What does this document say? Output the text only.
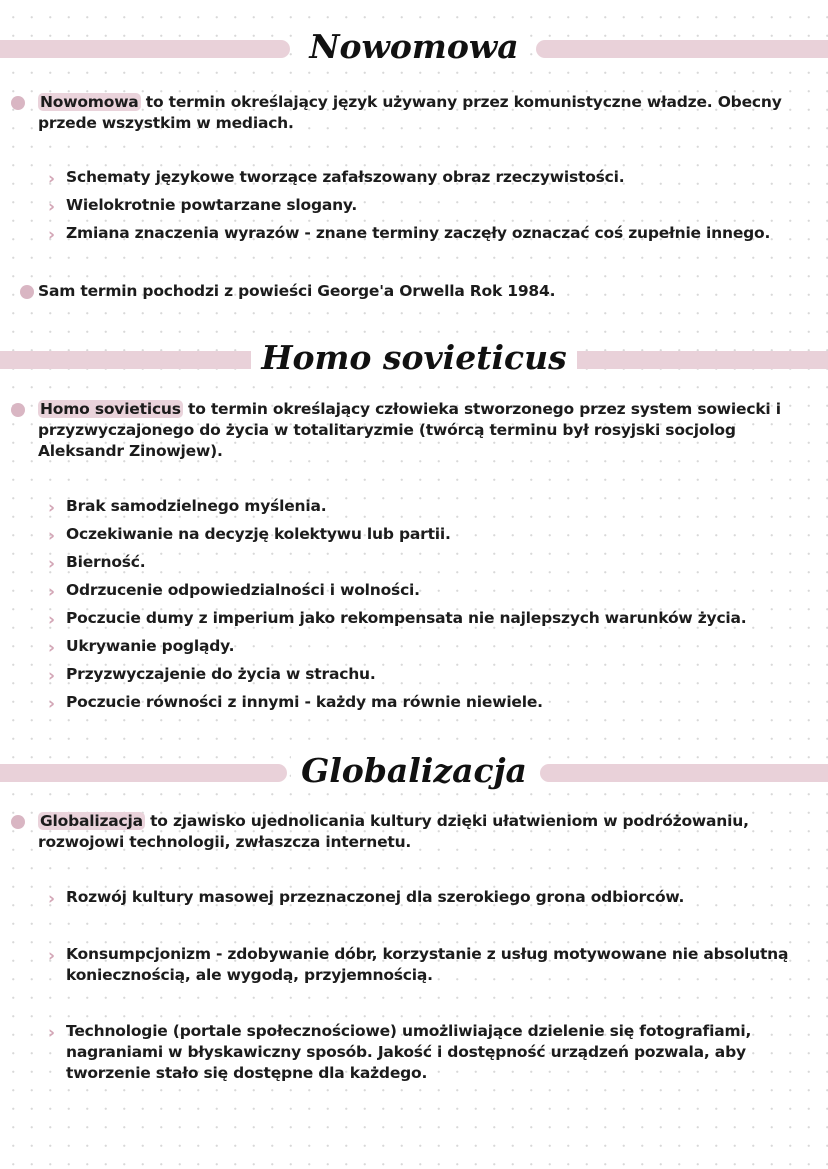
Nowomowa
Nowomowa to termin określający język używany przez komunistyczne władze. Obecny przede wszystkim w mediach.
› Schematy językowe tworzące zafałszowany obraz rzeczywistości.
› Wielokrotnie powtarzane slogany.
› Zmiana znaczenia wyrazów - znane terminy zaczęły oznaczać coś zupełnie innego.
Sam termin pochodzi z powieści George'a Orwella Rok 1984.
Homo sovieticus
Homo sovieticus to termin określający człowieka stworzonego przez system sowiecki i przyzwyczajonego do życia w totalitaryzmie (twórcą terminu był rosyjski socjolog Aleksandr Zinowjew).
› Brak samodzielnego myślenia.
› Oczekiwanie na decyzję kolektywu lub partii.
› Bierność.
› Odrzucenie odpowiedzialności i wolności.
› Poczucie dumy z imperium jako rekompensata nie najlepszych warunków życia.
› Ukrywanie poglądy.
› Przyzwyczajenie do życia w strachu.
› Poczucie równości z innymi - każdy ma równie niewiele.
Globalizacja
Globalizacja to zjawisko ujednolicania kultury dzięki ułatwieniom w podróżowaniu, rozwojowi technologii, zwłaszcza internetu.
› Rozwój kultury masowej przeznaczonej dla szerokiego grona odbiorców.
› Konsumpcjonizm - zdobywanie dóbr, korzystanie z usług motywowane nie absolutną koniecznością, ale wygodą, przyjemnością.
› Technologie (portale społecznościowe) umożliwiające dzielenie się fotografiami, nagraniami w błyskawiczny sposób. Jakość i dostępność urządzeń pozwala, aby tworzenie stało się dostępne dla każdego.
